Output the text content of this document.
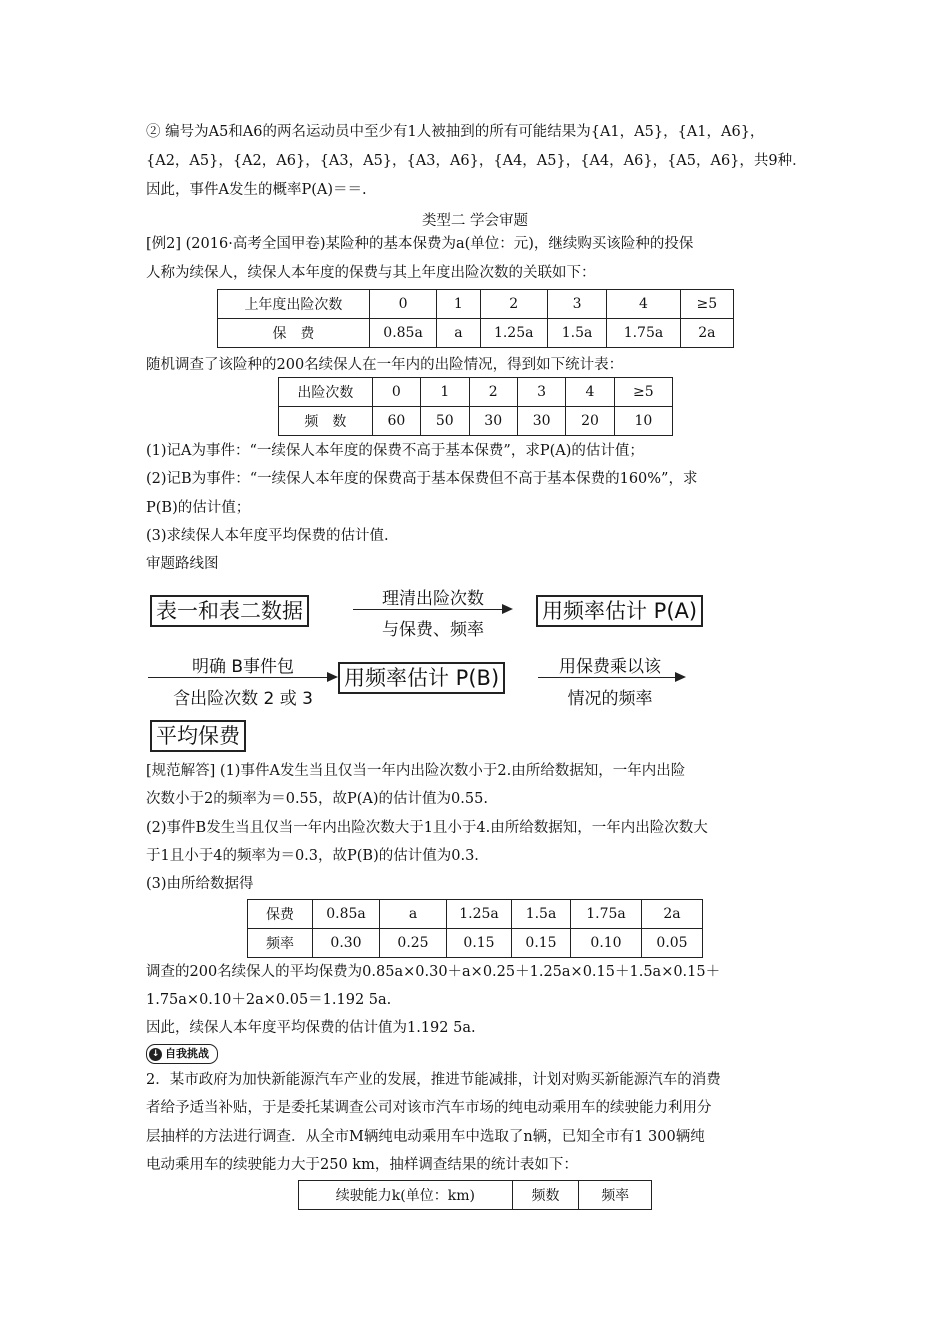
② 编号为A5和A6的两名运动员中至少有1人被抽到的所有可能结果为{A1，A5}，{A1，A6}，
{A2，A5}，{A2，A6}，{A3，A5}，{A3，A6}，{A4，A5}，{A4，A6}，{A5，A6}，共9种．
因此，事件A发生的概率P(A)＝＝.
类型二 学会审题
[例2] (2016·高考全国甲卷)某险种的基本保费为a(单位：元)，继续购买该险种的投保
人称为续保人，续保人本年度的保费与其上年度出险次数的关联如下：
上年度出险次数	0	1	2	3	4	≥5
保　费	0.85a	a	1.25a	1.5a	1.75a	2a
随机调查了该险种的200名续保人在一年内的出险情况，得到如下统计表：
出险次数	0	1	2	3	4	≥5
频　数	60	50	30	30	20	10
(1)记A为事件：“一续保人本年度的保费不高于基本保费”，求P(A)的估计值；
(2)记B为事件：“一续保人本年度的保费高于基本保费但不高于基本保费的160%”，求
P(B)的估计值；
(3)求续保人本年度平均保费的估计值.
审题路线图
表一和表二数据	理清出险次数
与保费、频率
用频率估计 P(A)
明确 B事件包
含出险次数 2 或 3
用频率估计 P(B)	用保费乘以该
情况的频率
平均保费
[规范解答] (1)事件A发生当且仅当一年内出险次数小于2.由所给数据知，一年内出险
次数小于2的频率为＝0.55，故P(A)的估计值为0.55.
(2)事件B发生当且仅当一年内出险次数大于1且小于4.由所给数据知，一年内出险次数大
于1且小于4的频率为＝0.3，故P(B)的估计值为0.3.
(3)由所给数据得
保费	0.85a	a	1.25a	1.5a	1.75a	2a
频率	0.30	0.25	0.15	0.15	0.10	0.05
调查的200名续保人的平均保费为0.85a×0.30＋a×0.25＋1.25a×0.15＋1.5a×0.15＋
1.75a×0.10＋2a×0.05＝1.192 5a.
因此，续保人本年度平均保费的估计值为1.192 5a.
↓ 自我挑战
2．某市政府为加快新能源汽车产业的发展，推进节能减排，计划对购买新能源汽车的消费
者给予适当补贴，于是委托某调查公司对该市汽车市场的纯电动乘用车的续驶能力利用分
层抽样的方法进行调查．从全市M辆纯电动乘用车中选取了n辆，已知全市有1 300辆纯
电动乘用车的续驶能力大于250 km，抽样调查结果的统计表如下：
续驶能力k(单位：km)	频数	频率
